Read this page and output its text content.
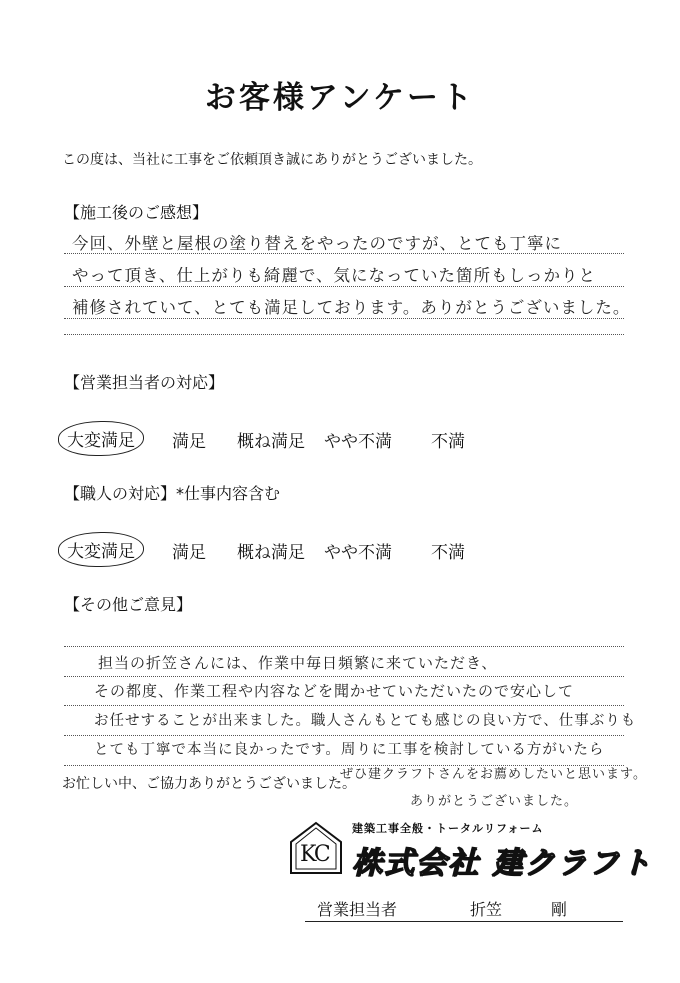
お客様アンケート
この度は、当社に工事をご依頼頂き誠にありがとうございました。
【施工後のご感想】
今回、外壁と屋根の塗り替えをやったのですが、とても丁寧に
やって頂き、仕上がりも綺麗で、気になっていた箇所もしっかりと
補修されていて、とても満足しております。ありがとうございました。
【営業担当者の対応】
大変満足	満足 概ね満足 やや不満 不満
【職人の対応】*仕事内容含む
大変満足	満足 概ね満足 やや不満 不満
【その他ご意見】
担当の折笠さんには、作業中毎日頻繁に来ていただき、
その都度、作業工程や内容などを聞かせていただいたので安心して
お任せすることが出来ました。職人さんもとても感じの良い方で、仕事ぶりも
とても丁寧で本当に良かったです。周りに工事を検討している方がいたら
ぜひ建クラフトさんをお薦めしたいと思います。
ありがとうございました。
お忙しい中、ご協力ありがとうございました。
KC
建築工事全般・トータルリフォーム
株式会社 建クラフト
営業担当者	折笠	剛
